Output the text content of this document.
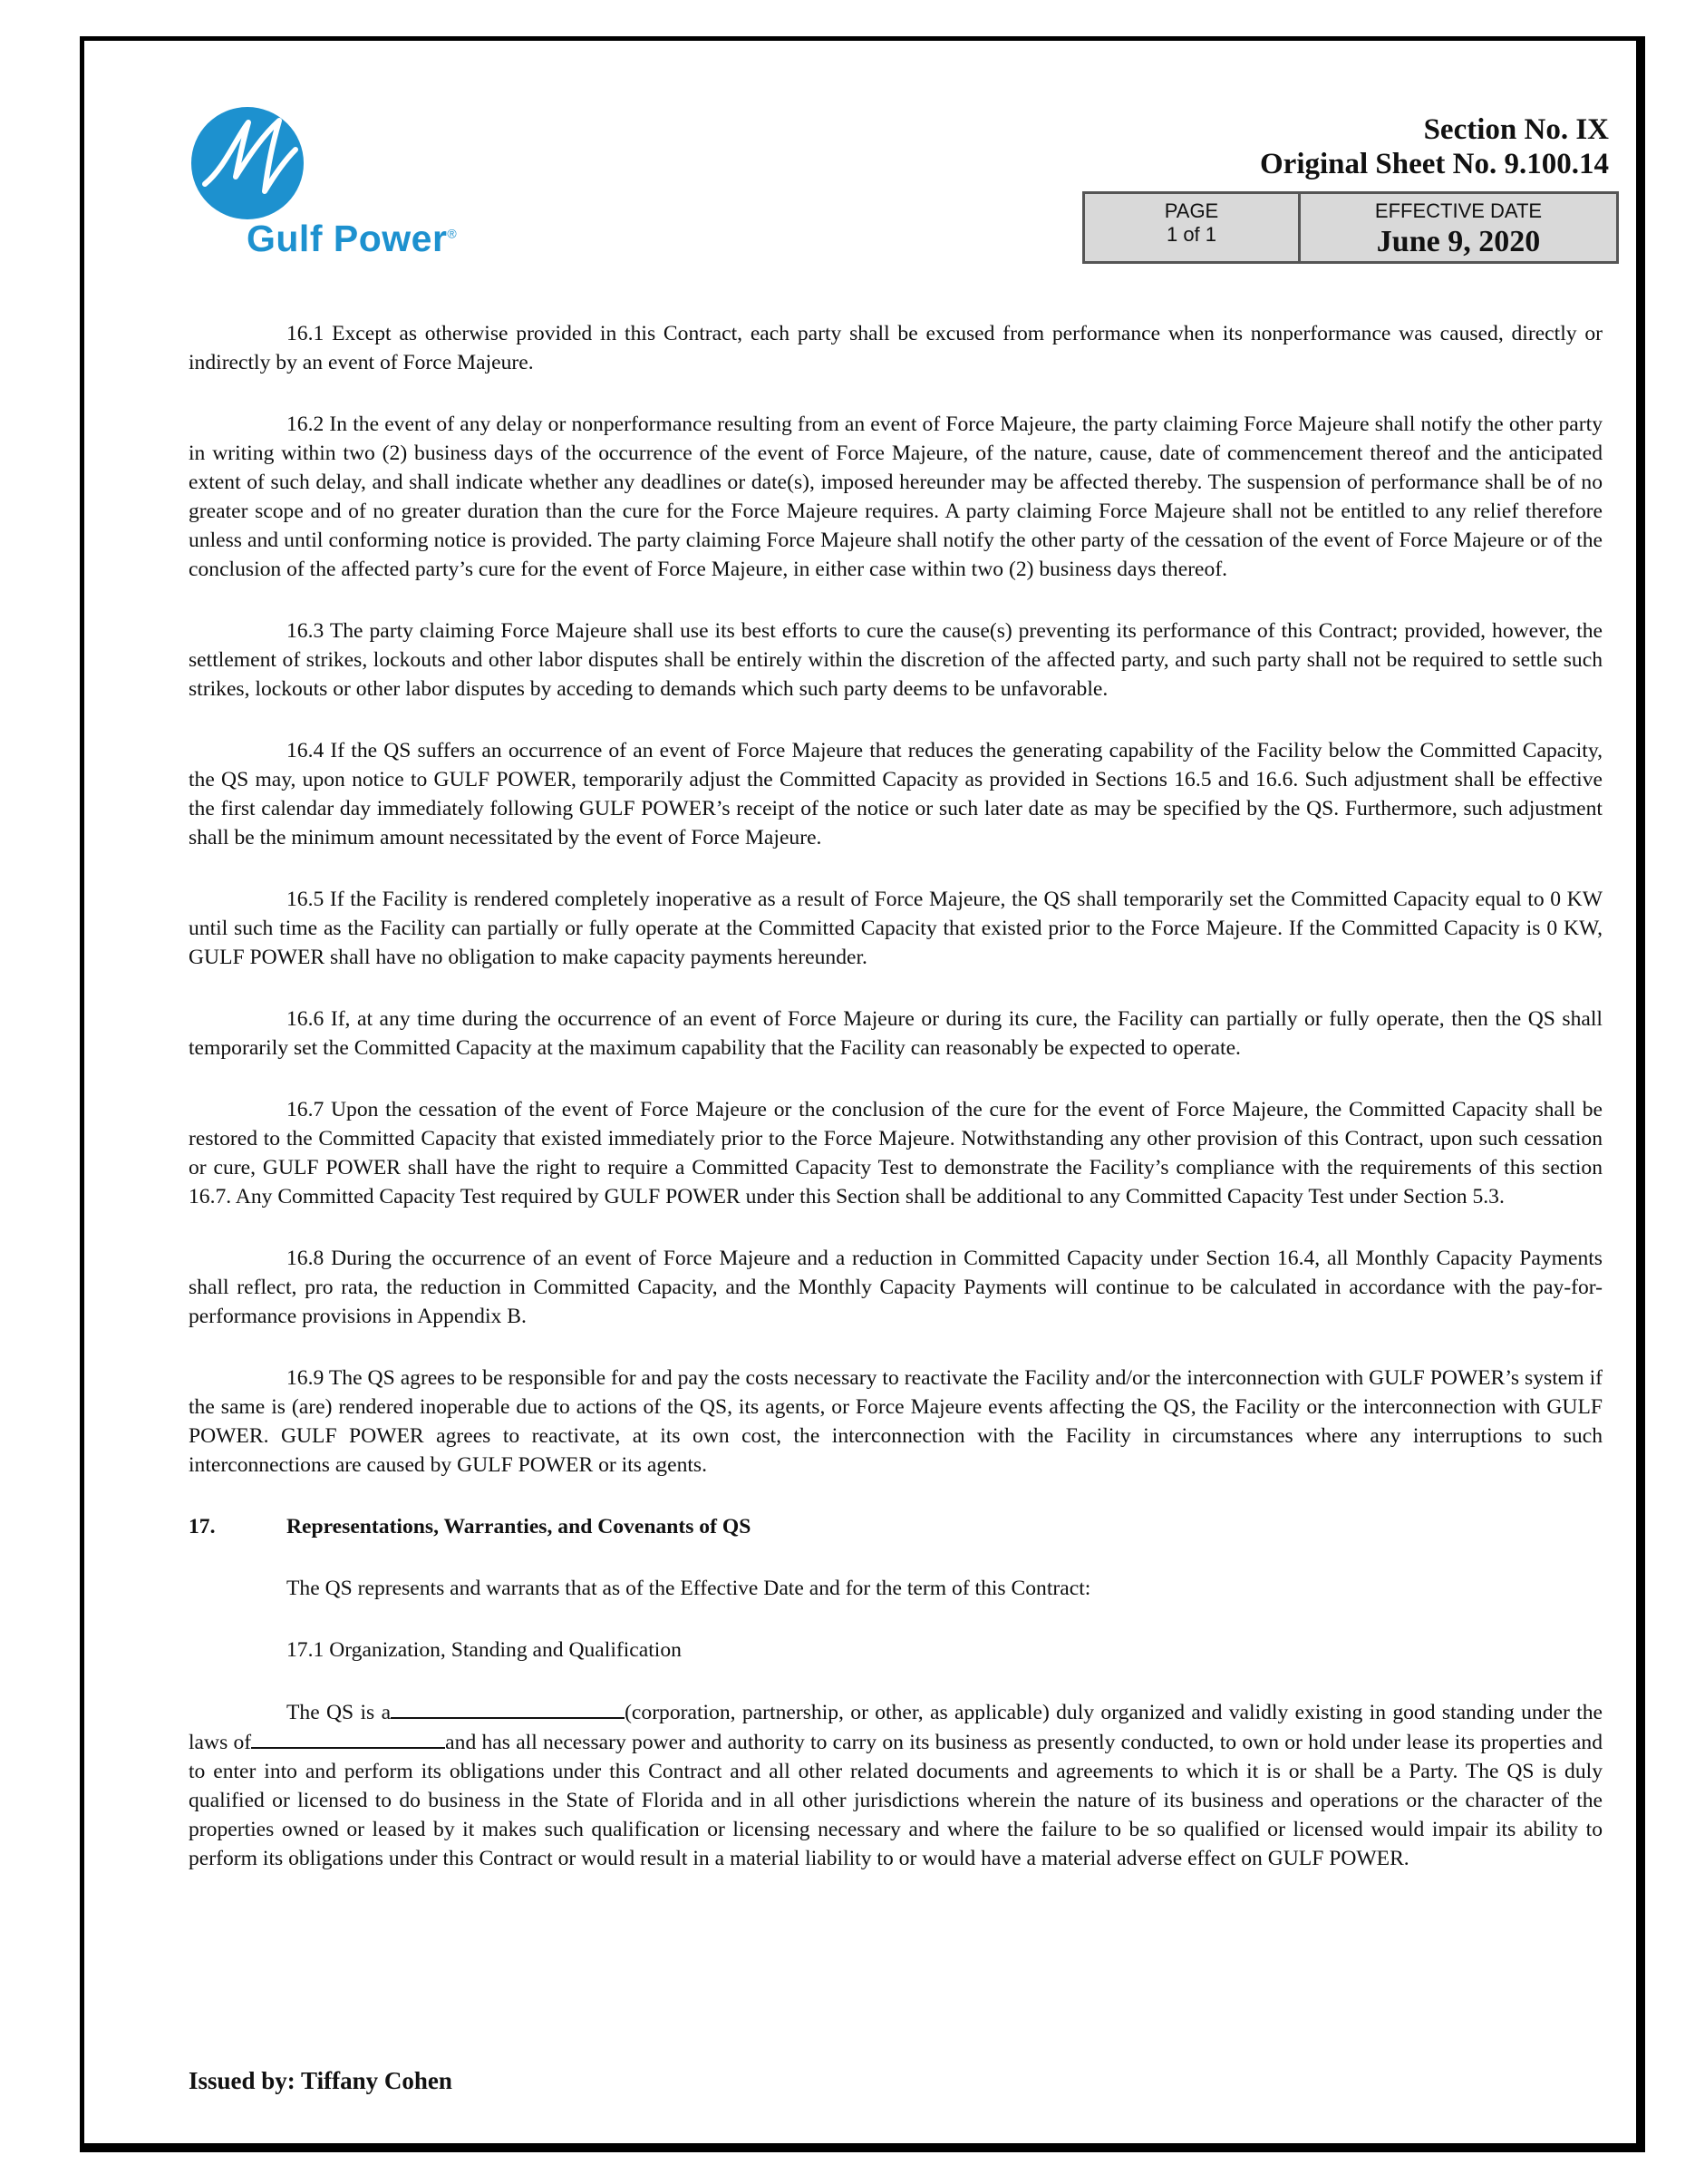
Gulf Power®
Section No. IX
Original Sheet No. 9.100.14
PAGE
1 of 1
EFFECTIVE DATE
June 9, 2020

16.1 Except as otherwise provided in this Contract, each party shall be excused from performance when its nonperformance was caused, directly or indirectly by an event of Force Majeure.

16.2 In the event of any delay or nonperformance resulting from an event of Force Majeure, the party claiming Force Majeure shall notify the other party in writing within two (2) business days of the occurrence of the event of Force Majeure, of the nature, cause, date of commencement thereof and the anticipated extent of such delay, and shall indicate whether any deadlines or date(s), imposed hereunder may be affected thereby. The suspension of performance shall be of no greater scope and of no greater duration than the cure for the Force Majeure requires. A party claiming Force Majeure shall not be entitled to any relief therefore unless and until conforming notice is provided. The party claiming Force Majeure shall notify the other party of the cessation of the event of Force Majeure or of the conclusion of the affected party’s cure for the event of Force Majeure, in either case within two (2) business days thereof.

16.3 The party claiming Force Majeure shall use its best efforts to cure the cause(s) preventing its performance of this Contract; provided, however, the settlement of strikes, lockouts and other labor disputes shall be entirely within the discretion of the affected party, and such party shall not be required to settle such strikes, lockouts or other labor disputes by acceding to demands which such party deems to be unfavorable.

16.4 If the QS suffers an occurrence of an event of Force Majeure that reduces the generating capability of the Facility below the Committed Capacity, the QS may, upon notice to GULF POWER, temporarily adjust the Committed Capacity as provided in Sections 16.5 and 16.6. Such adjustment shall be effective the first calendar day immediately following GULF POWER’s receipt of the notice or such later date as may be specified by the QS. Furthermore, such adjustment shall be the minimum amount necessitated by the event of Force Majeure.

16.5 If the Facility is rendered completely inoperative as a result of Force Majeure, the QS shall temporarily set the Committed Capacity equal to 0 KW until such time as the Facility can partially or fully operate at the Committed Capacity that existed prior to the Force Majeure. If the Committed Capacity is 0 KW, GULF POWER shall have no obligation to make capacity payments hereunder.

16.6 If, at any time during the occurrence of an event of Force Majeure or during its cure, the Facility can partially or fully operate, then the QS shall temporarily set the Committed Capacity at the maximum capability that the Facility can reasonably be expected to operate.

16.7 Upon the cessation of the event of Force Majeure or the conclusion of the cure for the event of Force Majeure, the Committed Capacity shall be restored to the Committed Capacity that existed immediately prior to the Force Majeure. Notwithstanding any other provision of this Contract, upon such cessation or cure, GULF POWER shall have the right to require a Committed Capacity Test to demonstrate the Facility’s compliance with the requirements of this section 16.7. Any Committed Capacity Test required by GULF POWER under this Section shall be additional to any Committed Capacity Test under Section 5.3.

16.8 During the occurrence of an event of Force Majeure and a reduction in Committed Capacity under Section 16.4, all Monthly Capacity Payments shall reflect, pro rata, the reduction in Committed Capacity, and the Monthly Capacity Payments will continue to be calculated in accordance with the pay-for-performance provisions in Appendix B.

16.9 The QS agrees to be responsible for and pay the costs necessary to reactivate the Facility and/or the interconnection with GULF POWER’s system if the same is (are) rendered inoperable due to actions of the QS, its agents, or Force Majeure events affecting the QS, the Facility or the interconnection with GULF POWER. GULF POWER agrees to reactivate, at its own cost, the interconnection with the Facility in circumstances where any interruptions to such interconnections are caused by GULF POWER or its agents.

17.	Representations, Warranties, and Covenants of QS

The QS represents and warrants that as of the Effective Date and for the term of this Contract:

17.1 Organization, Standing and Qualification

The QS is a	(corporation, partnership, or other, as applicable) duly organized and validly existing in good standing under the laws of	and has all necessary power and authority to carry on its business as presently conducted, to own or hold under lease its properties and to enter into and perform its obligations under this Contract and all other related documents and agreements to which it is or shall be a Party. The QS is duly qualified or licensed to do business in the State of Florida and in all other jurisdictions wherein the nature of its business and operations or the character of the properties owned or leased by it makes such qualification or licensing necessary and where the failure to be so qualified or licensed would impair its ability to perform its obligations under this Contract or would result in a material liability to or would have a material adverse effect on GULF POWER.

Issued by: Tiffany Cohen
